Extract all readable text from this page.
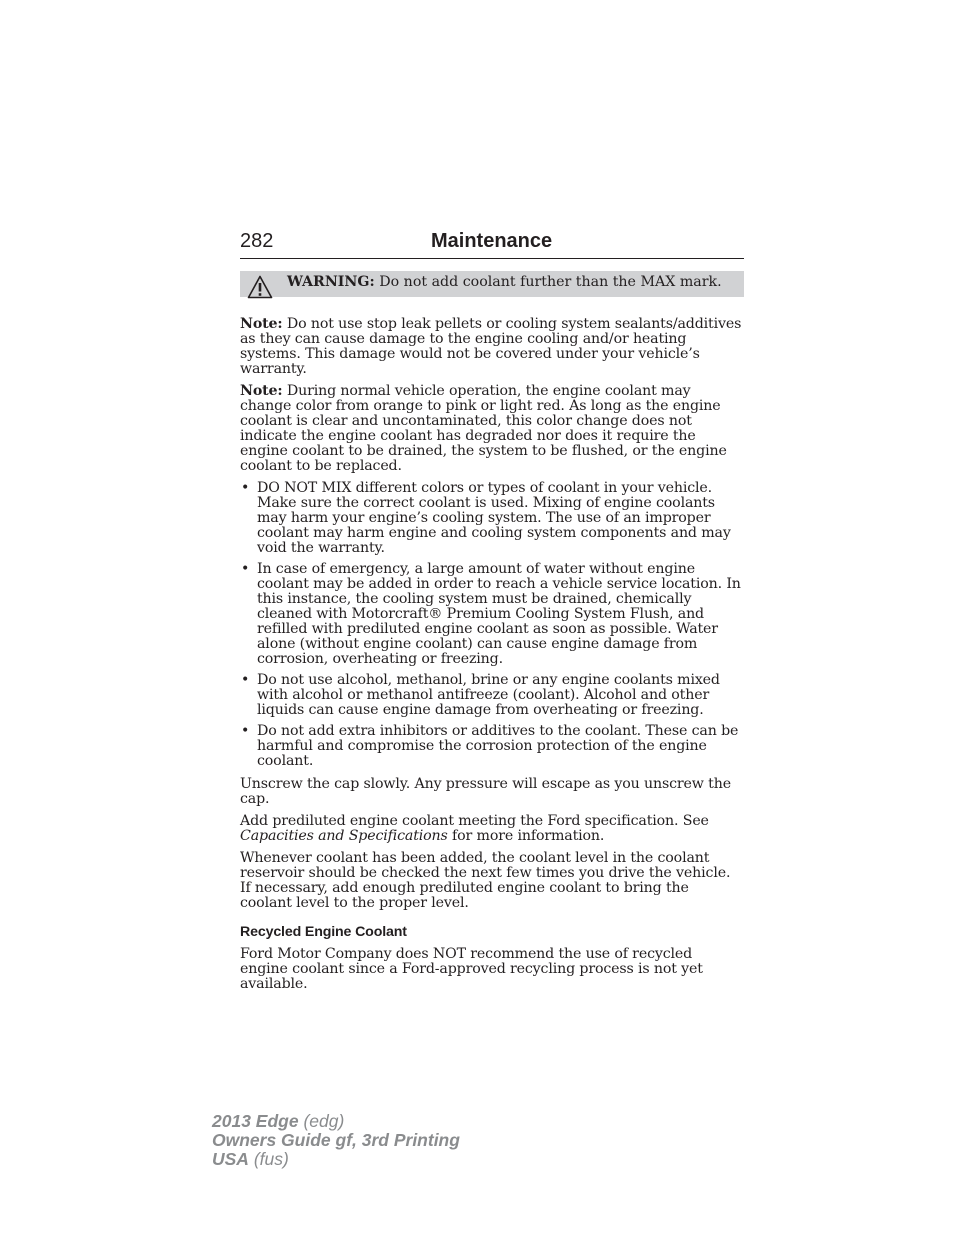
282	Maintenance
WARNING: Do not add coolant further than the MAX mark.

Note: Do not use stop leak pellets or cooling system sealants/additives as they can cause damage to the engine cooling and/or heating systems. This damage would not be covered under your vehicle’s warranty.

Note: During normal vehicle operation, the engine coolant may change color from orange to pink or light red. As long as the engine coolant is clear and uncontaminated, this color change does not indicate the engine coolant has degraded nor does it require the engine coolant to be drained, the system to be flushed, or the engine coolant to be replaced.

• DO NOT MIX different colors or types of coolant in your vehicle. Make sure the correct coolant is used. Mixing of engine coolants may harm your engine’s cooling system. The use of an improper coolant may harm engine and cooling system components and may void the warranty.
• In case of emergency, a large amount of water without engine coolant may be added in order to reach a vehicle service location. In this instance, the cooling system must be drained, chemically cleaned with Motorcraft® Premium Cooling System Flush, and refilled with prediluted engine coolant as soon as possible. Water alone (without engine coolant) can cause engine damage from corrosion, overheating or freezing.
• Do not use alcohol, methanol, brine or any engine coolants mixed with alcohol or methanol antifreeze (coolant). Alcohol and other liquids can cause engine damage from overheating or freezing.
• Do not add extra inhibitors or additives to the coolant. These can be harmful and compromise the corrosion protection of the engine coolant.

Unscrew the cap slowly. Any pressure will escape as you unscrew the cap.

Add prediluted engine coolant meeting the Ford specification. See Capacities and Specifications for more information.

Whenever coolant has been added, the coolant level in the coolant reservoir should be checked the next few times you drive the vehicle. If necessary, add enough prediluted engine coolant to bring the coolant level to the proper level.

Recycled Engine Coolant

Ford Motor Company does NOT recommend the use of recycled engine coolant since a Ford-approved recycling process is not yet available.

2013 Edge (edg)
Owners Guide gf, 3rd Printing
USA (fus)
